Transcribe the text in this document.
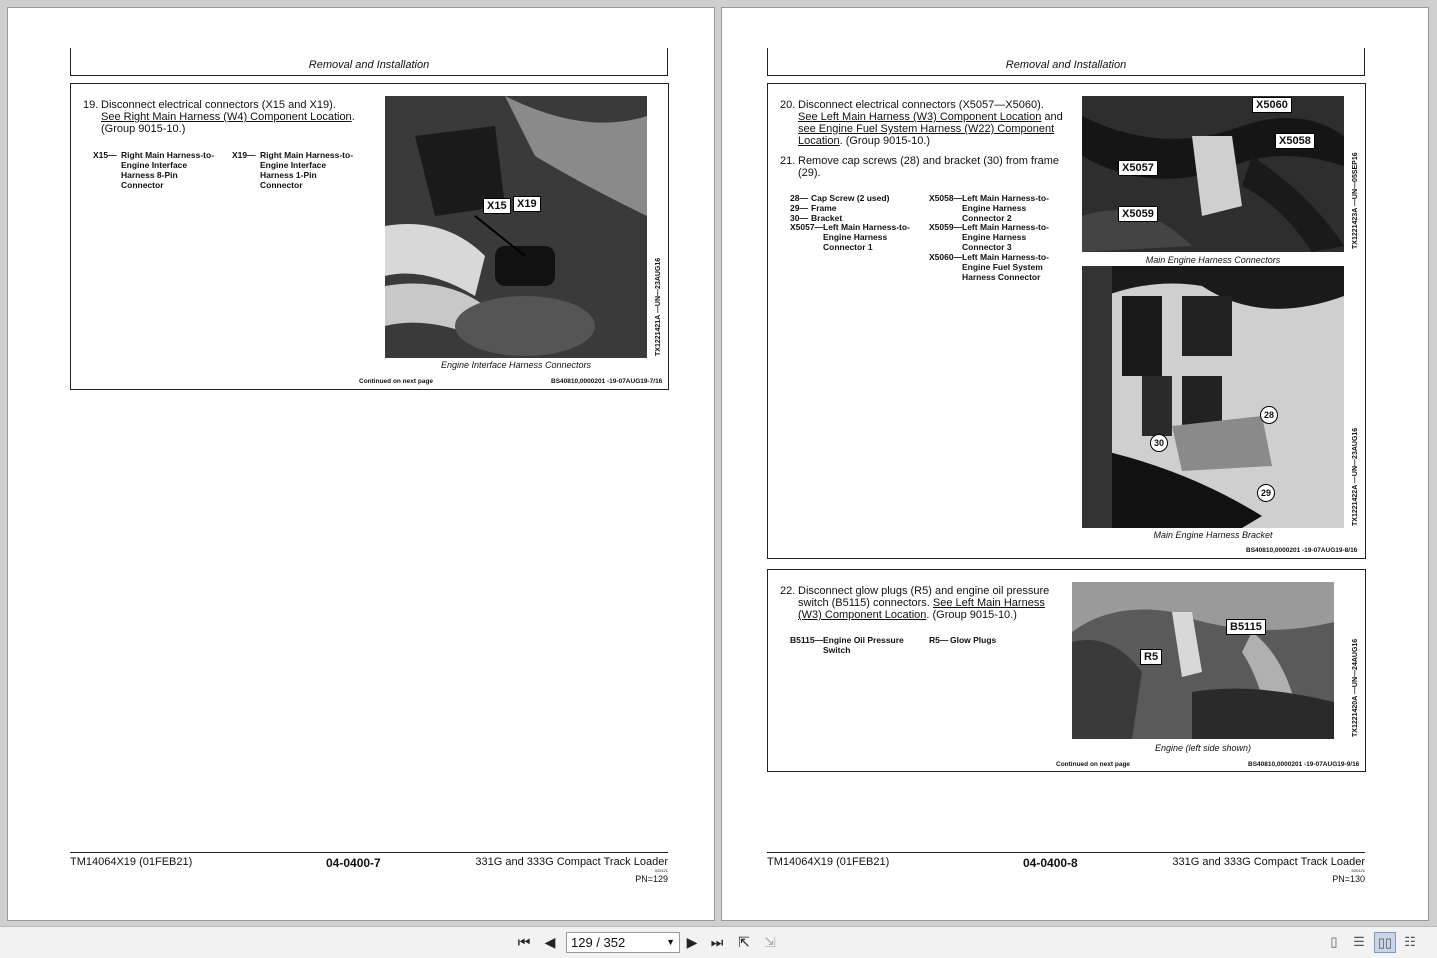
Removal and Installation
19. Disconnect electrical connectors (X15 and X19).
See Right Main Harness (W4) Component Location.
(Group 9015-10.)
X15— Right Main Harness-to-Engine Interface Harness 8-Pin Connector
X19— Right Main Harness-to-Engine Interface Harness 1-Pin Connector
X15 X19
TX1221421A —UN—23AUG16
Engine Interface Harness Connectors
Continued on next page	BS40810,0000201 -19-07AUG19-7/16
TM14064X19 (01FEB21)	04-0400-7	331G and 333G Compact Track Loader
020121
PN=129
Removal and Installation
20. Disconnect electrical connectors (X5057—X5060).
See Left Main Harness (W3) Component Location and
see Engine Fuel System Harness (W22) Component
Location. (Group 9015-10.)
21. Remove cap screws (28) and bracket (30) from frame
(29).
28— Cap Screw (2 used)
29— Frame
30— Bracket
X5057— Left Main Harness-to-Engine Harness Connector 1
X5058— Left Main Harness-to-Engine Harness Connector 2
X5059— Left Main Harness-to-Engine Harness Connector 3
X5060— Left Main Harness-to-Engine Fuel System Harness Connector
X5060
X5058
X5057
X5059	TX1221423A —UN—05SEP16
Main Engine Harness Connectors
28
30
29	TX1221422A —UN—23AUG16
Main Engine Harness Bracket
BS40810,0000201 -19-07AUG19-8/16
22. Disconnect glow plugs (R5) and engine oil pressure
switch (B5115) connectors. See Left Main Harness
(W3) Component Location. (Group 9015-10.)
B5115— Engine Oil Pressure Switch
R5— Glow Plugs
B5115
R5	TX1221420A —UN—24AUG16
Engine (left side shown)
Continued on next page	BS40810,0000201 -19-07AUG19-9/16
TM14064X19 (01FEB21)	04-0400-8	331G and 333G Compact Track Loader
020121
PN=130
⏮	◀	129 / 352	▼ ▶ ⏭ ⇱ ⇲	▯	☰	▯▯ ☷
